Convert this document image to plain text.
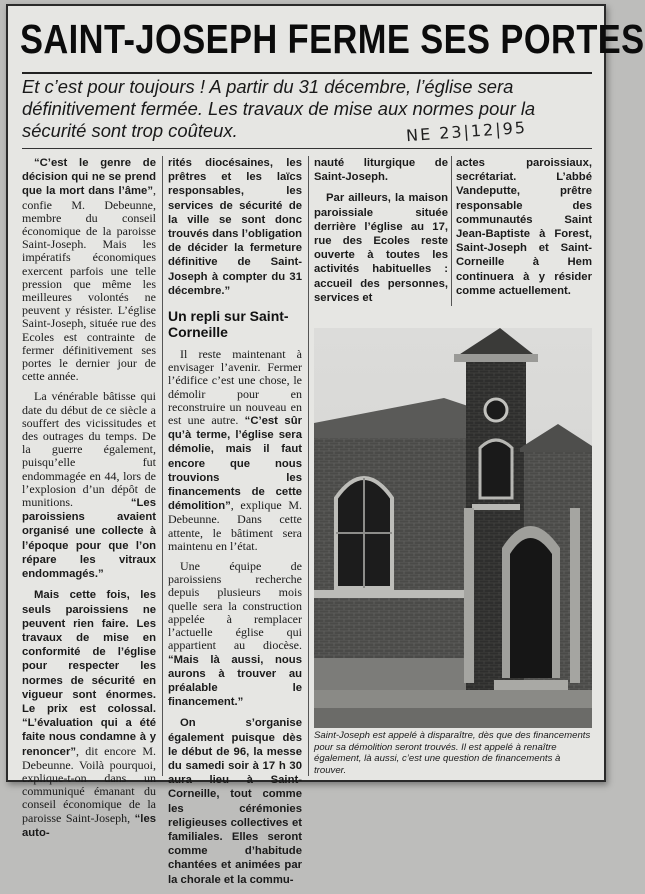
SAINT-JOSEPH FERME SES PORTES
Et c’est pour toujours ! A partir du 31 décembre, l’église sera définitivement fermée. Les travaux de mise aux normes pour la sécurité sont trop coûteux.	NE 23|12|95

“C’est le genre de décision qui ne se prend que la mort dans l’âme”, confie M. Debeunne, membre du conseil économique de la paroisse Saint-Joseph. Mais les impératifs économiques exercent parfois une telle pression que même les meilleures volontés ne peuvent y résister. L’église Saint-Joseph, située rue des Ecoles est contrainte de fermer définitivement ses portes le dernier jour de cette année.

La vénérable bâtisse qui date du début de ce siècle a souffert des vicissitudes et des outrages du temps. De la guerre également, puisqu’elle fut endommagée en 44, lors de l’explosion d’un dépôt de munitions.	“Les paroissiens avaient organisé une collecte à l’époque pour que l’on répare les vitraux endommagés.”

Mais cette fois, les seuls paroissiens ne peuvent rien faire. Les travaux de mise en conformité de l’église pour respecter les normes de sécurité en vigueur sont énormes. Le prix est colossal. “L’évaluation qui a été faite nous condamne à y renoncer”, dit encore M. Debeunne. Voilà pourquoi, explique-t-on dans un communiqué émanant du conseil économique de la paroisse Saint-Joseph, “les auto-

rités diocésaines, les prêtres et les laïcs responsables, les services de sécurité de la ville se sont donc trouvés dans l’obligation de décider la fermeture définitive de Saint-Joseph à compter du 31 décembre.”

Un repli sur Saint-Corneille

Il reste maintenant à envisager l’avenir. Fermer l’édifice c’est une chose, le démolir pour en reconstruire un nouveau en est une autre. “C’est sûr qu’à terme, l’église sera démolie, mais il faut encore que nous trouvions les financements de cette démolition”, explique M. Debeunne. Dans cette attente, le bâtiment sera maintenu en l’état.

Une équipe de paroissiens recherche depuis plusieurs mois quelle sera la construction appelée à remplacer l’actuelle église qui appartient au diocèse. “Mais là aussi, nous aurons à trouver au préalable le financement.”

On s’organise également puisque dès le début de 96, la messe du samedi soir à 17 h 30 aura lieu à Saint-Corneille, tout comme les cérémonies religieuses collectives et familiales. Elles seront comme d’habitude chantées et animées par la chorale et la commu-

nauté liturgique de Saint-Joseph.

Par ailleurs, la maison paroissiale située derrière l’église au 17, rue des Ecoles reste ouverte à toutes les activités habituelles : accueil des personnes, services et

actes paroissiaux, secrétariat. L’abbé Vandeputte, prêtre responsable des communautés Saint Jean-Baptiste à Forest, Saint-Joseph et Saint-Corneille à Hem continuera à y résider comme actuellement.

Saint-Joseph est appelé à disparaître, dès que des financements pour sa démolition seront trouvés. Il est appelé à renaître également, là aussi, c’est une question de financements à trouver.
